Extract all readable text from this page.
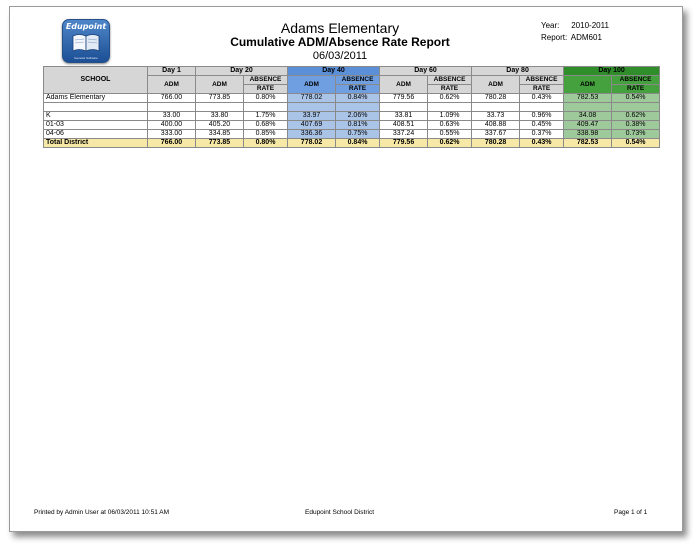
Edupoint
Genesis Software
Adams Elementary
Cumulative ADM/Absence Rate Report
06/03/2011
Year: 2010-2011
Report: ADM601
SCHOOL	Day 1	Day 20		Day 40		Day 60		Day 80		Day 100	
	ADM	ADM	ABSENCE	ADM	ABSENCE	ADM	ABSENCE	ADM	ABSENCE	ADM	ABSENCE
			RATE		RATE		RATE		RATE		RATE
Adams Elementary	766.00	773.85	0.80%	778.02	0.84%	779.56	0.62%	780.28	0.43%	782.53	0.54%

K	33.00	33.80	1.75%	33.97	2.06%	33.81	1.09%	33.73	0.96%	34.08	0.62%
01-03	400.00	405.20	0.68%	407.69	0.81%	408.51	0.63%	408.88	0.45%	409.47	0.38%
04-06	333.00	334.85	0.85%	336.36	0.75%	337.24	0.55%	337.67	0.37%	338.98	0.73%
Total District	766.00	773.85	0.80%	778.02	0.84%	779.56	0.62%	780.28	0.43%	782.53	0.54%
Printed by Admin User at 06/03/2011 10:51 AM	Edupoint School District	Page 1 of 1
